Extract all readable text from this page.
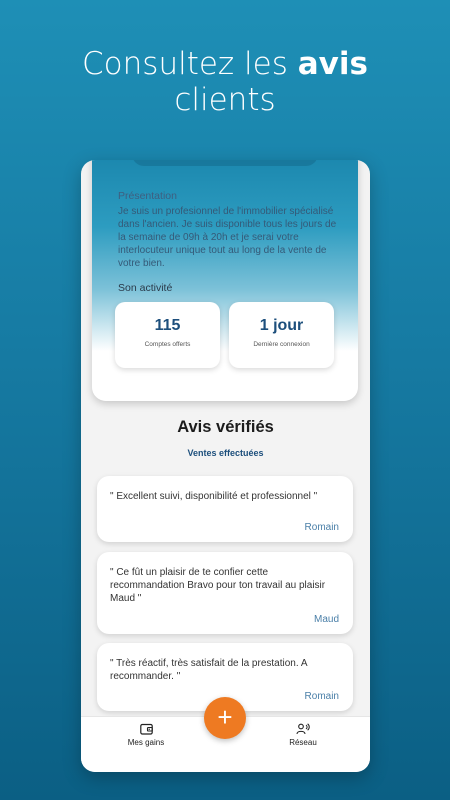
Consultez les avis
clients
Présentation
Je suis un profesionnel de l'immobilier spécialisé dans l'ancien. Je suis disponible tous les jours de la semaine de 09h à 20h et je serai votre interlocuteur unique tout au long de la vente de votre bien.
Son activité
115
Comptes offerts
1 jour
Dernière connexion
Avis vérifiés
Ventes effectuées
" Excellent suivi, disponibilité et professionnel "
Romain
" Ce fût un plaisir de te confier cette recommandation Bravo pour ton travail au plaisir Maud "
Maud
" Très réactif, très satisfait de la prestation. A recommander. "
Romain
Mes gains	Réseau
+
